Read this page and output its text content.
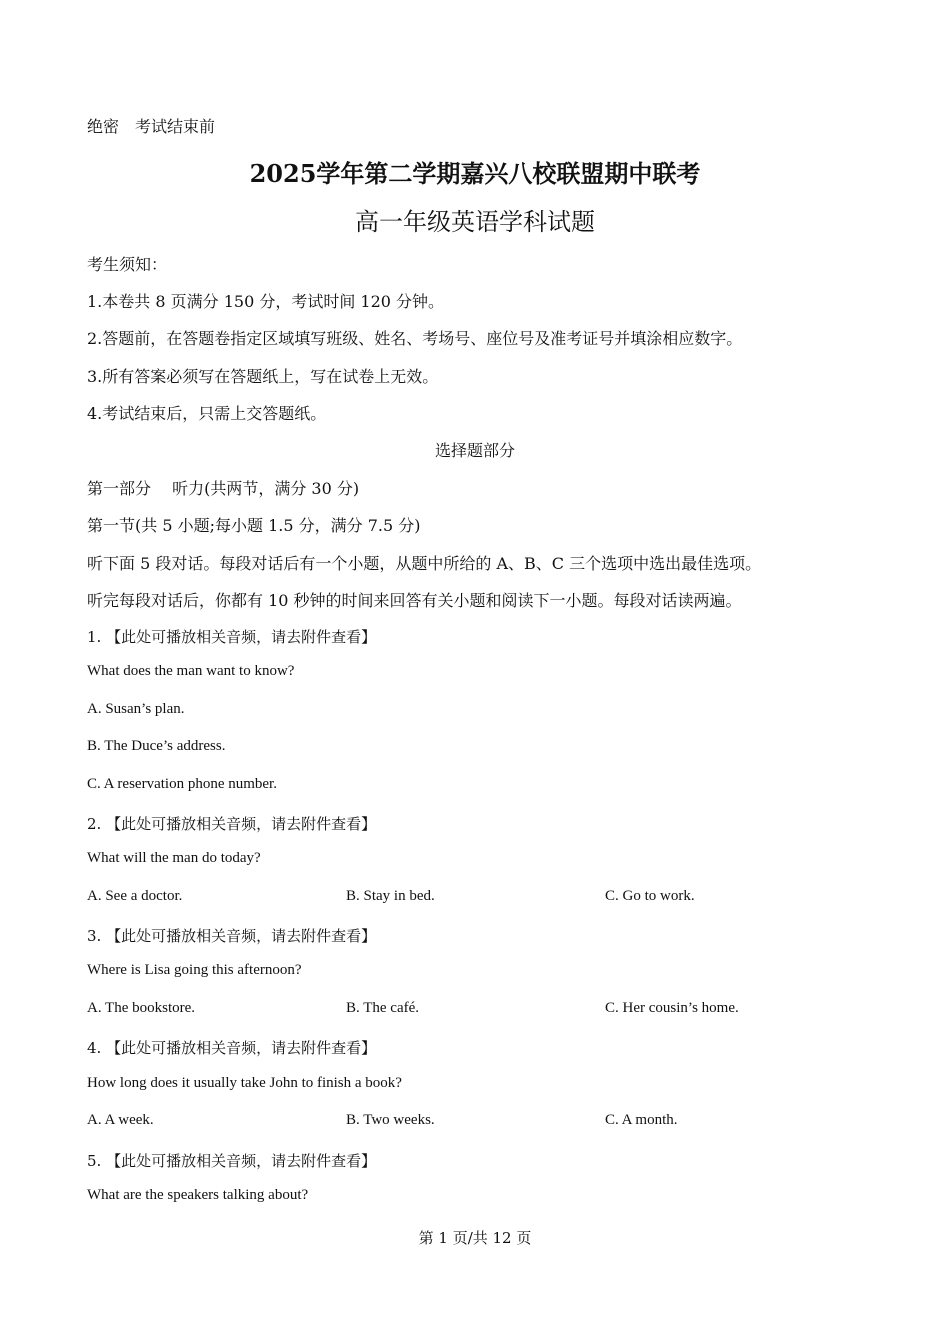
绝密　考试结束前
2025学年第二学期嘉兴八校联盟期中联考
高一年级英语学科试题
考生须知：
1.本卷共 8 页满分 150 分，考试时间 120 分钟。
2.答题前，在答题卷指定区域填写班级、姓名、考场号、座位号及准考证号并填涂相应数字。
3.所有答案必须写在答题纸上，写在试卷上无效。
4.考试结束后，只需上交答题纸。
选择题部分
第一部分　 听力(共两节，满分 30 分)
第一节(共 5 小题;每小题 1.5 分，满分 7.5 分)
听下面 5 段对话。每段对话后有一个小题，从题中所给的 A、B、C 三个选项中选出最佳选项。
听完每段对话后，你都有 10 秒钟的时间来回答有关小题和阅读下一小题。每段对话读两遍。
1. 【此处可播放相关音频，请去附件查看】
What does the man want to know?
A. Susan’s plan.
B. The Duce’s address.
C. A reservation phone number.
2. 【此处可播放相关音频，请去附件查看】
What will the man do today?
A. See a doctor.	B. Stay in bed.	C. Go to work.
3. 【此处可播放相关音频，请去附件查看】
Where is Lisa going this afternoon?
A. The bookstore.	B. The café.	C. Her cousin’s home.
4. 【此处可播放相关音频，请去附件查看】
How long does it usually take John to finish a book?
A. A week.	B. Two weeks.	C. A month.
5. 【此处可播放相关音频，请去附件查看】
What are the speakers talking about?
第 1 页/共 12 页
